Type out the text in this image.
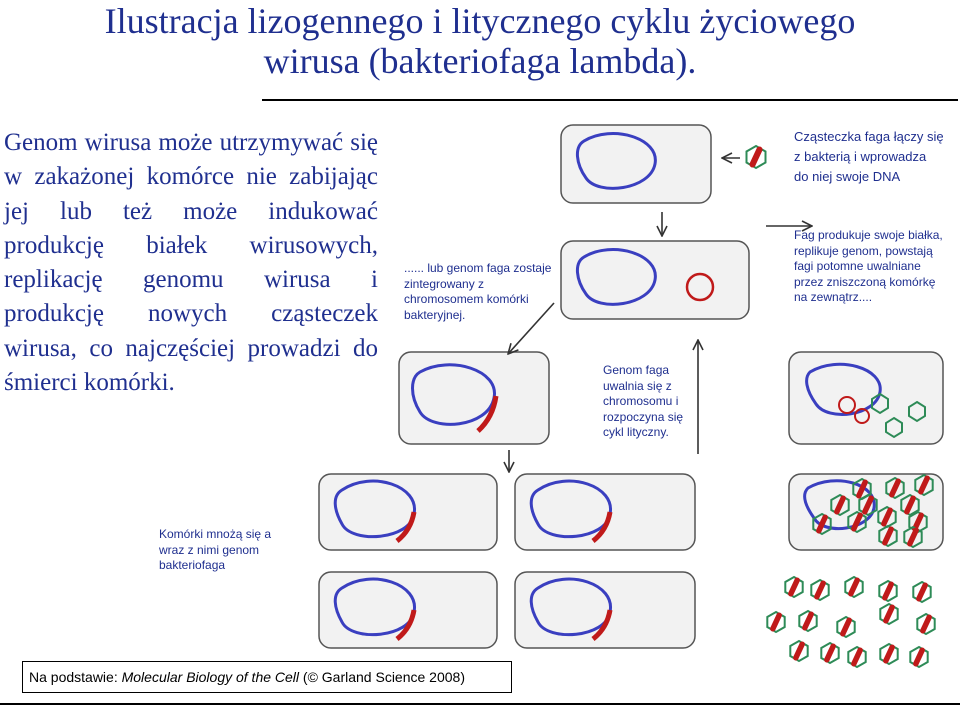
Ilustracja lizogennego i litycznego cyklu życiowego
wirusa (bakteriofaga lambda).
Genom wirusa może utrzymywać się w zakażonej komórce nie zabijając jej lub też może indukować produkcję białek wirusowych, replikację genomu wirusa i produkcję nowych cząsteczek wirusa, co najczęściej prowadzi do śmierci komórki.
...... lub genom faga zostaje zintegrowany z chromosomem komórki bakteryjnej.
Genom faga uwalnia się z chromosomu i rozpoczyna się cykl lityczny.
Cząsteczka faga łączy się z bakterią i wprowadza do niej swoje DNA
Fag produkuje swoje białka, replikuje genom, powstają fagi potomne uwalniane przez zniszczoną komórkę na zewnątrz....
Komórki mnożą się a wraz z nimi genom bakteriofaga
Na podstawie: Molecular Biology of the Cell (© Garland Science 2008)
